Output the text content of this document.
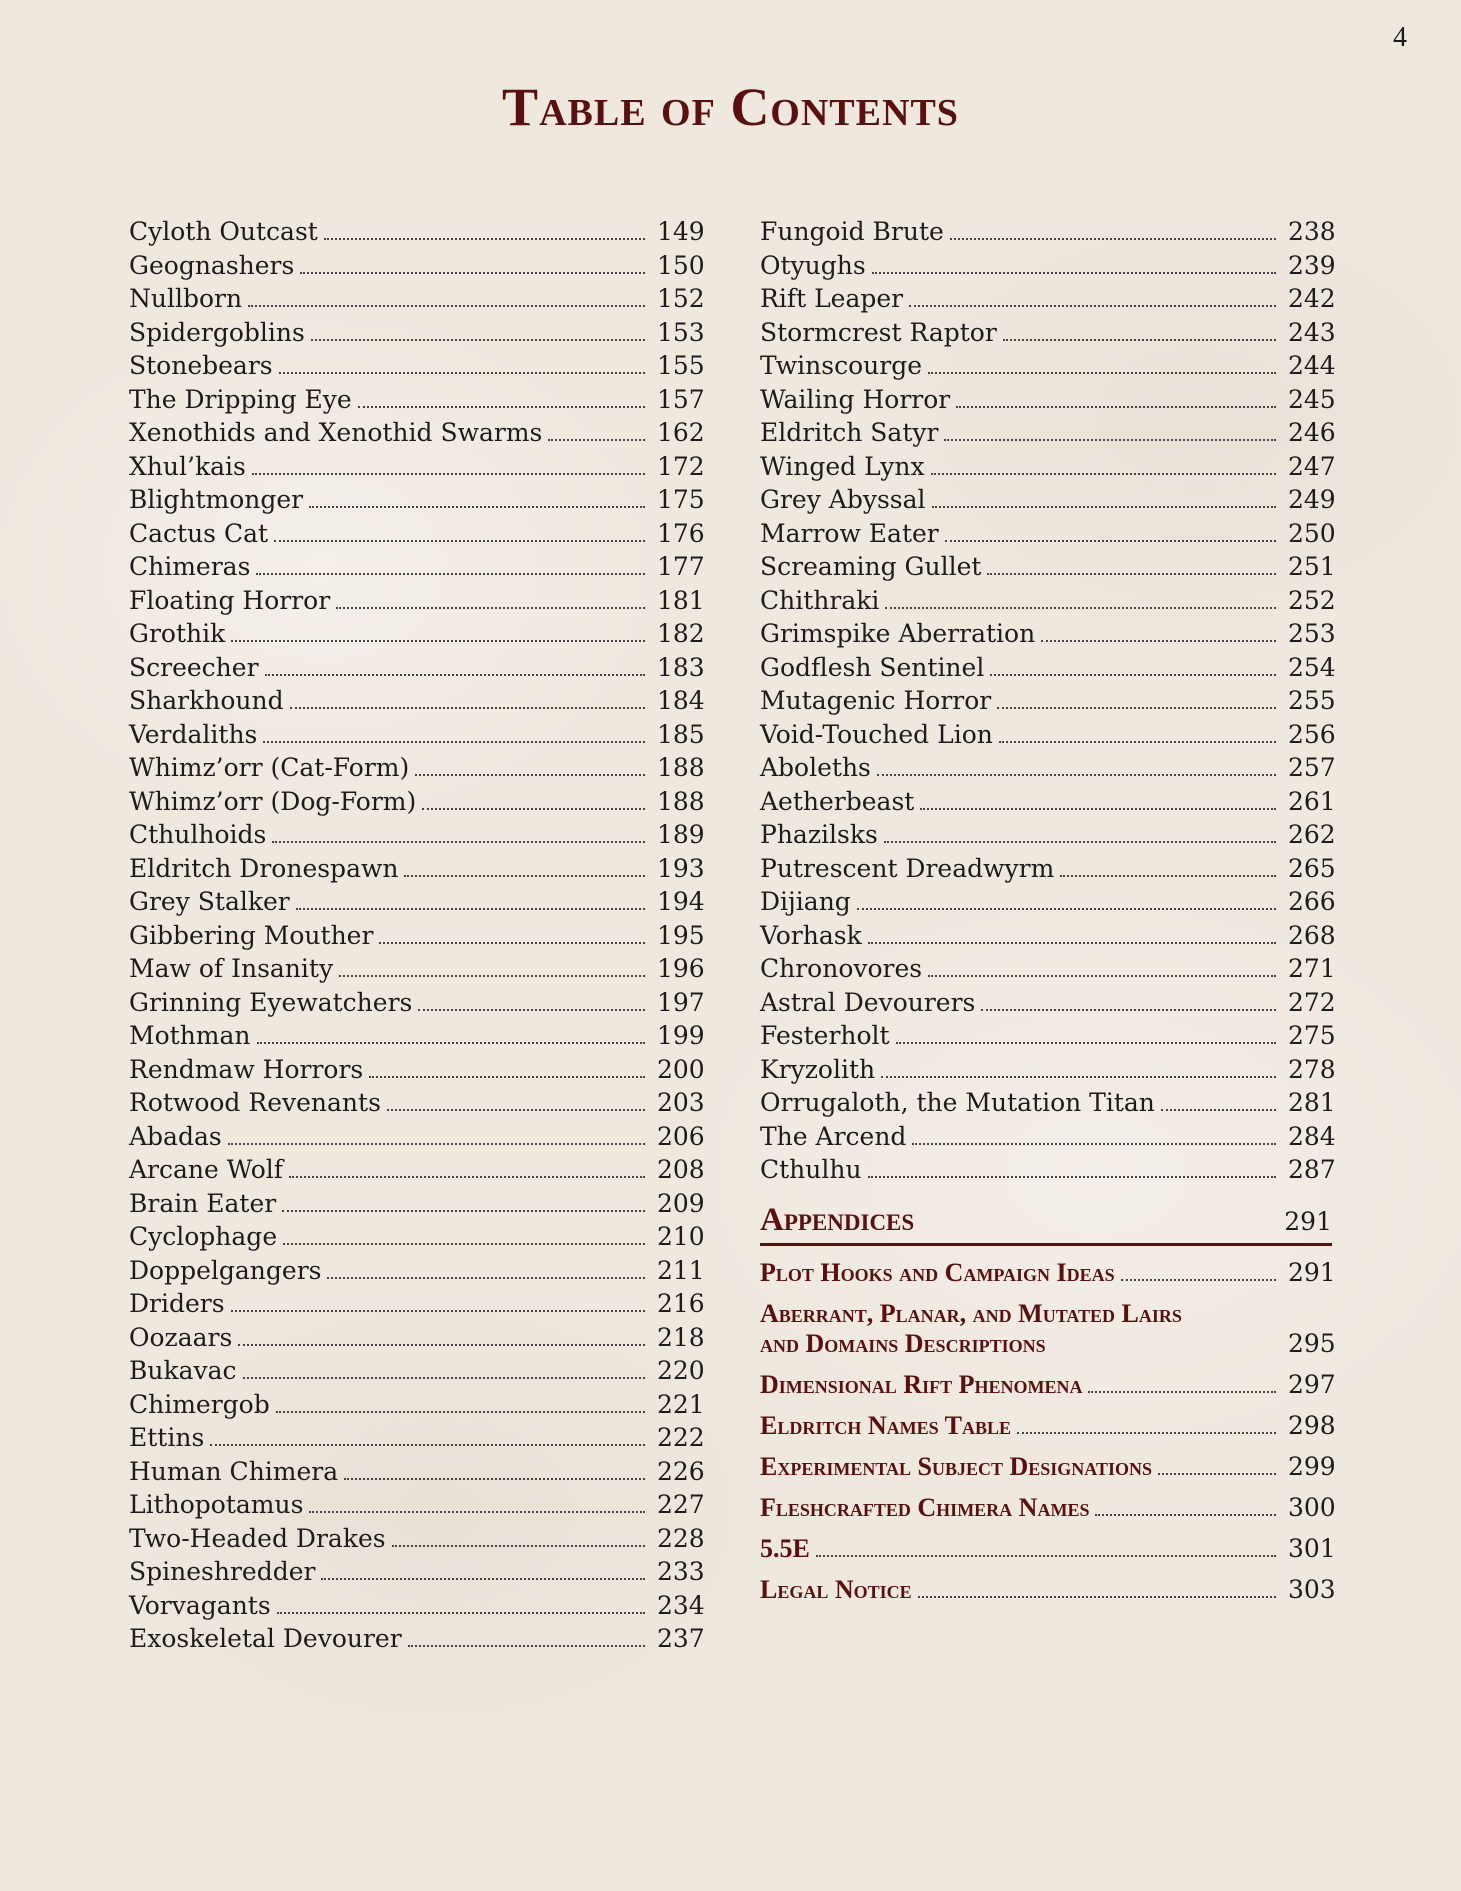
4
Table of Contents
Cyloth Outcast	149
Geognashers	150
Nullborn	152
Spidergoblins	153
Stonebears	155
The Dripping Eye	157
Xenothids and Xenothid Swarms	162
Xhul’kais	172
Blightmonger	175
Cactus Cat	176
Chimeras	177
Floating Horror	181
Grothik	182
Screecher	183
Sharkhound	184
Verdaliths	185
Whimz’orr (Cat-Form)	188
Whimz’orr (Dog-Form)	188
Cthulhoids	189
Eldritch Dronespawn	193
Grey Stalker	194
Gibbering Mouther	195
Maw of Insanity	196
Grinning Eyewatchers	197
Mothman	199
Rendmaw Horrors	200
Rotwood Revenants	203
Abadas	206
Arcane Wolf	208
Brain Eater	209
Cyclophage	210
Doppelgangers	211
Driders	216
Oozaars	218
Bukavac	220
Chimergob	221
Ettins	222
Human Chimera	226
Lithopotamus	227
Two-Headed Drakes	228
Spineshredder	233
Vorvagants	234
Exoskeletal Devourer	237
Fungoid Brute	238
Otyughs	239
Rift Leaper	242
Stormcrest Raptor	243
Twinscourge	244
Wailing Horror	245
Eldritch Satyr	246
Winged Lynx	247
Grey Abyssal	249
Marrow Eater	250
Screaming Gullet	251
Chithraki	252
Grimspike Aberration	253
Godflesh Sentinel	254
Mutagenic Horror	255
Void-Touched Lion	256
Aboleths	257
Aetherbeast	261
Phazilsks	262
Putrescent Dreadwyrm	265
Dijiang	266
Vorhask	268
Chronovores	271
Astral Devourers	272
Festerholt	275
Kryzolith	278
Orrugaloth, the Mutation Titan	281
The Arcend	284
Cthulhu	287
Appendices	291
Plot Hooks and Campaign Ideas	291
Aberrant, Planar, and Mutated Lairs and Domains Descriptions	295
Dimensional Rift Phenomena	297
Eldritch Names Table	298
Experimental Subject Designations	299
Fleshcrafted Chimera Names	300
5.5E	301
Legal Notice	303
